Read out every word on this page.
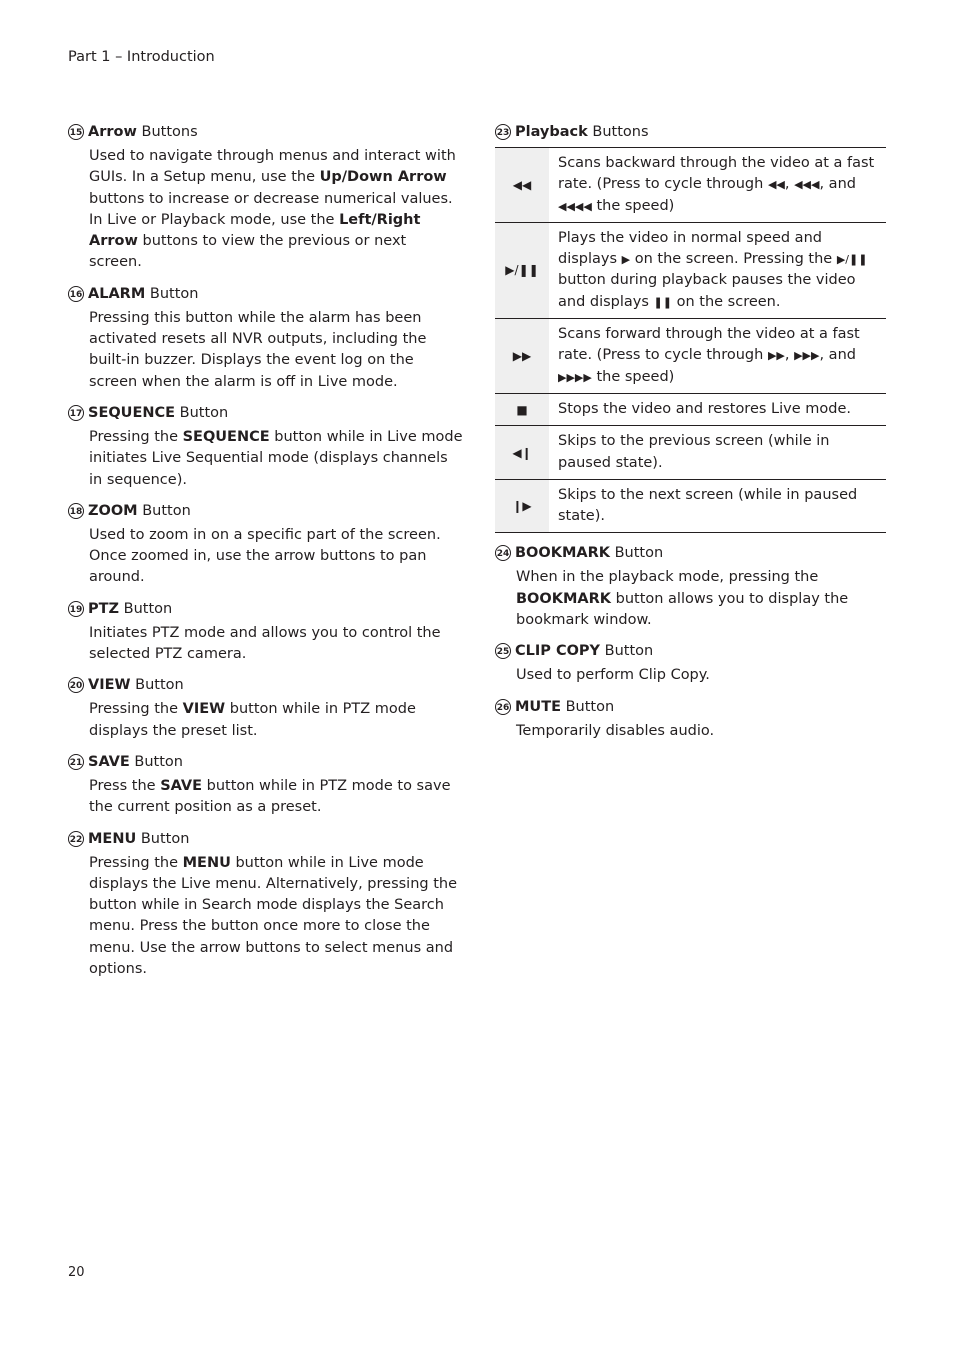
Part 1 – Introduction
15 Arrow Buttons

Used to navigate through menus and interact with GUIs. In a Setup menu, use the Up/Down Arrow buttons to increase or decrease numerical values. In Live or Playback mode, use the Left/Right Arrow buttons to view the previous or next screen.

16 ALARM Button

Pressing this button while the alarm has been activated resets all NVR outputs, including the built-in buzzer. Displays the event log on the screen when the alarm is off in Live mode.

17 SEQUENCE Button

Pressing the SEQUENCE button while in Live mode initiates Live Sequential mode (displays channels in sequence).

18 ZOOM Button

Used to zoom in on a specific part of the screen. Once zoomed in, use the arrow buttons to pan around.

19 PTZ Button

Initiates PTZ mode and allows you to control the selected PTZ camera.

20 VIEW Button

Pressing the VIEW button while in PTZ mode displays the preset list.

21 SAVE Button

Press the SAVE button while in PTZ mode to save the current position as a preset.

22 MENU Button

Pressing the MENU button while in Live mode displays the Live menu. Alternatively, pressing the button while in Search mode displays the Search menu. Press the button once more to close the menu. Use the arrow buttons to select menus and options.

23 Playback Buttons
◀◀	Scans backward through the video at a fast rate. (Press to cycle through ◀◀, ◀◀◀, and ◀◀◀◀ the speed)
▶/❚❚	Plays the video in normal speed and displays ▶ on the screen. Pressing the ▶/❚❚ button during playback pauses the video and displays ❚❚ on the screen.
▶▶	Scans forward through the video at a fast rate. (Press to cycle through ▶▶, ▶▶▶, and ▶▶▶▶ the speed)
■	Stops the video and restores Live mode.
◀❙	Skips to the previous screen (while in paused state).
❙▶	Skips to the next screen (while in paused state).
24 BOOKMARK Button

When in the playback mode, pressing the BOOKMARK button allows you to display the bookmark window.

25 CLIP COPY Button

Used to perform Clip Copy.

26 MUTE Button

Temporarily disables audio.

20
